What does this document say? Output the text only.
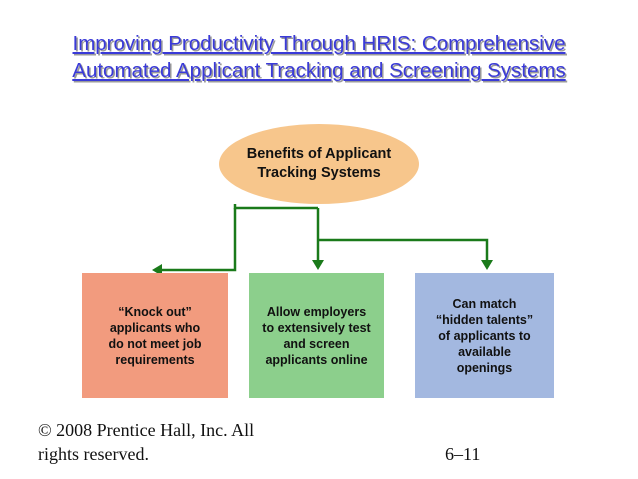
Improving Productivity Through HRIS: Comprehensive
Automated Applicant Tracking and Screening Systems
Benefits of Applicant
Tracking Systems
“Knock out”
applicants who
do not meet job
requirements
Allow employers
to extensively test
and screen
applicants online
Can match
“hidden talents”
of applicants to
available
openings
© 2008 Prentice Hall, Inc. All
rights reserved.	6–11
